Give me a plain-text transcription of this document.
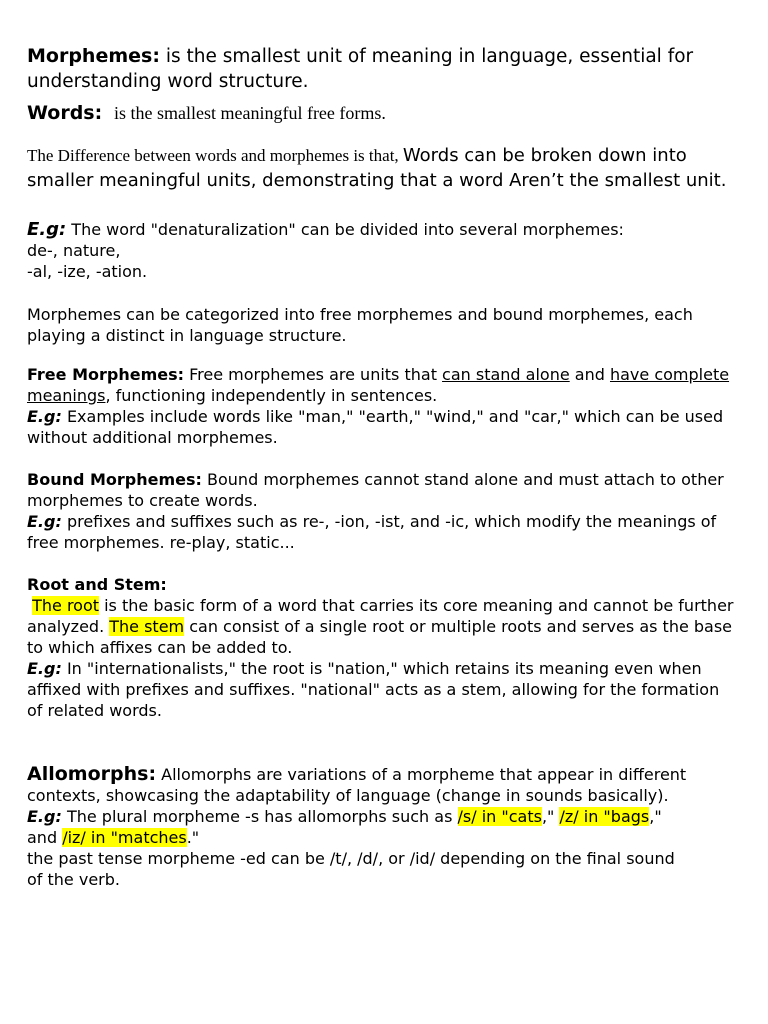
Morphemes: is the smallest unit of meaning in language, essential for understanding word structure.

Words: is the smallest meaningful free forms.

The Difference between words and morphemes is that, Words can be broken down into smaller meaningful units, demonstrating that a word Aren’t the smallest unit.

E.g: The word "denaturalization" can be divided into several morphemes:
de-, nature,
-al, -ize, -ation.

Morphemes can be categorized into free morphemes and bound morphemes, each playing a distinct in language structure.

Free Morphemes: Free morphemes are units that can stand alone and have complete meanings, functioning independently in sentences.
E.g: Examples include words like "man," "earth," "wind," and "car," which can be used without additional morphemes.

Bound Morphemes: Bound morphemes cannot stand alone and must attach to other morphemes to create words.
E.g: prefixes and suffixes such as re-, -ion, -ist, and -ic, which modify the meanings of free morphemes. re-play, static...

Root and Stem:
The root is the basic form of a word that carries its core meaning and cannot be further
analyzed. The stem can consist of a single root or multiple roots and serves as the base to which affixes can be added to.
E.g: In "internationalists," the root is "nation," which retains its meaning even when affixed with prefixes and suffixes. "national" acts as a stem, allowing for the formation of related words.

Allomorphs: Allomorphs are variations of a morpheme that appear in different contexts, showcasing the adaptability of language (change in sounds basically).
E.g: The plural morpheme -s has allomorphs such as /s/ in "cats," /z/ in "bags,"
and /iz/ in "matches."
the past tense morpheme -ed can be /t/, /d/, or /id/ depending on the final sound
of the verb.
